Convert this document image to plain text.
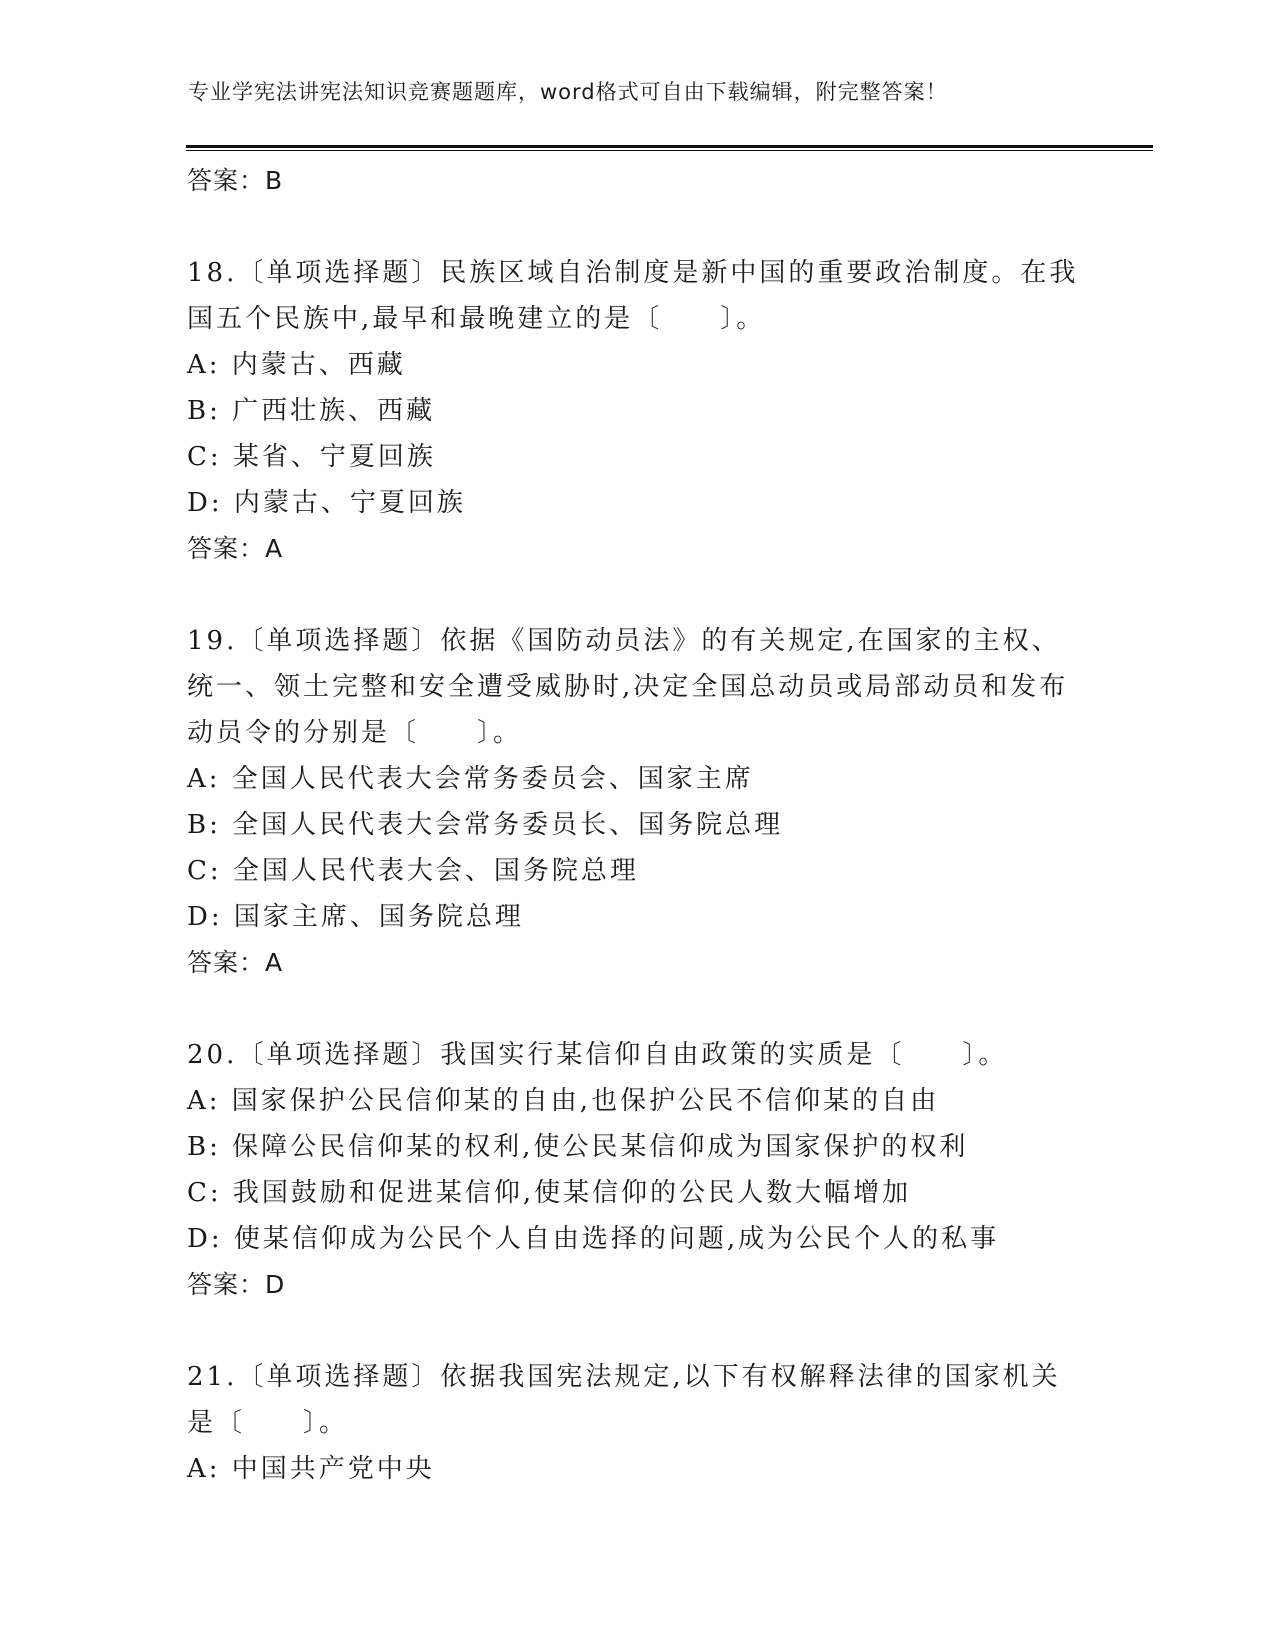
专业学宪法讲宪法知识竞赛题题库，word格式可自由下载编辑，附完整答案！
答案：B
18.〔单项选择题〕民族区域自治制度是新中国的重要政治制度。在我
国五个民族中,最早和最晚建立的是〔　　〕。
A: 内蒙古、西藏
B: 广西壮族、西藏
C: 某省、宁夏回族
D: 内蒙古、宁夏回族
答案：A
19.〔单项选择题〕依据《国防动员法》的有关规定,在国家的主权、
统一、领土完整和安全遭受威胁时,决定全国总动员或局部动员和发布
动员令的分别是〔　　〕。
A: 全国人民代表大会常务委员会、国家主席
B: 全国人民代表大会常务委员长、国务院总理
C: 全国人民代表大会、国务院总理
D: 国家主席、国务院总理
答案：A
20.〔单项选择题〕我国实行某信仰自由政策的实质是〔　　〕。
A: 国家保护公民信仰某的自由,也保护公民不信仰某的自由
B: 保障公民信仰某的权利,使公民某信仰成为国家保护的权利
C: 我国鼓励和促进某信仰,使某信仰的公民人数大幅增加
D: 使某信仰成为公民个人自由选择的问题,成为公民个人的私事
答案：D
21.〔单项选择题〕依据我国宪法规定,以下有权解释法律的国家机关
是〔　　〕。
A: 中国共产党中央
